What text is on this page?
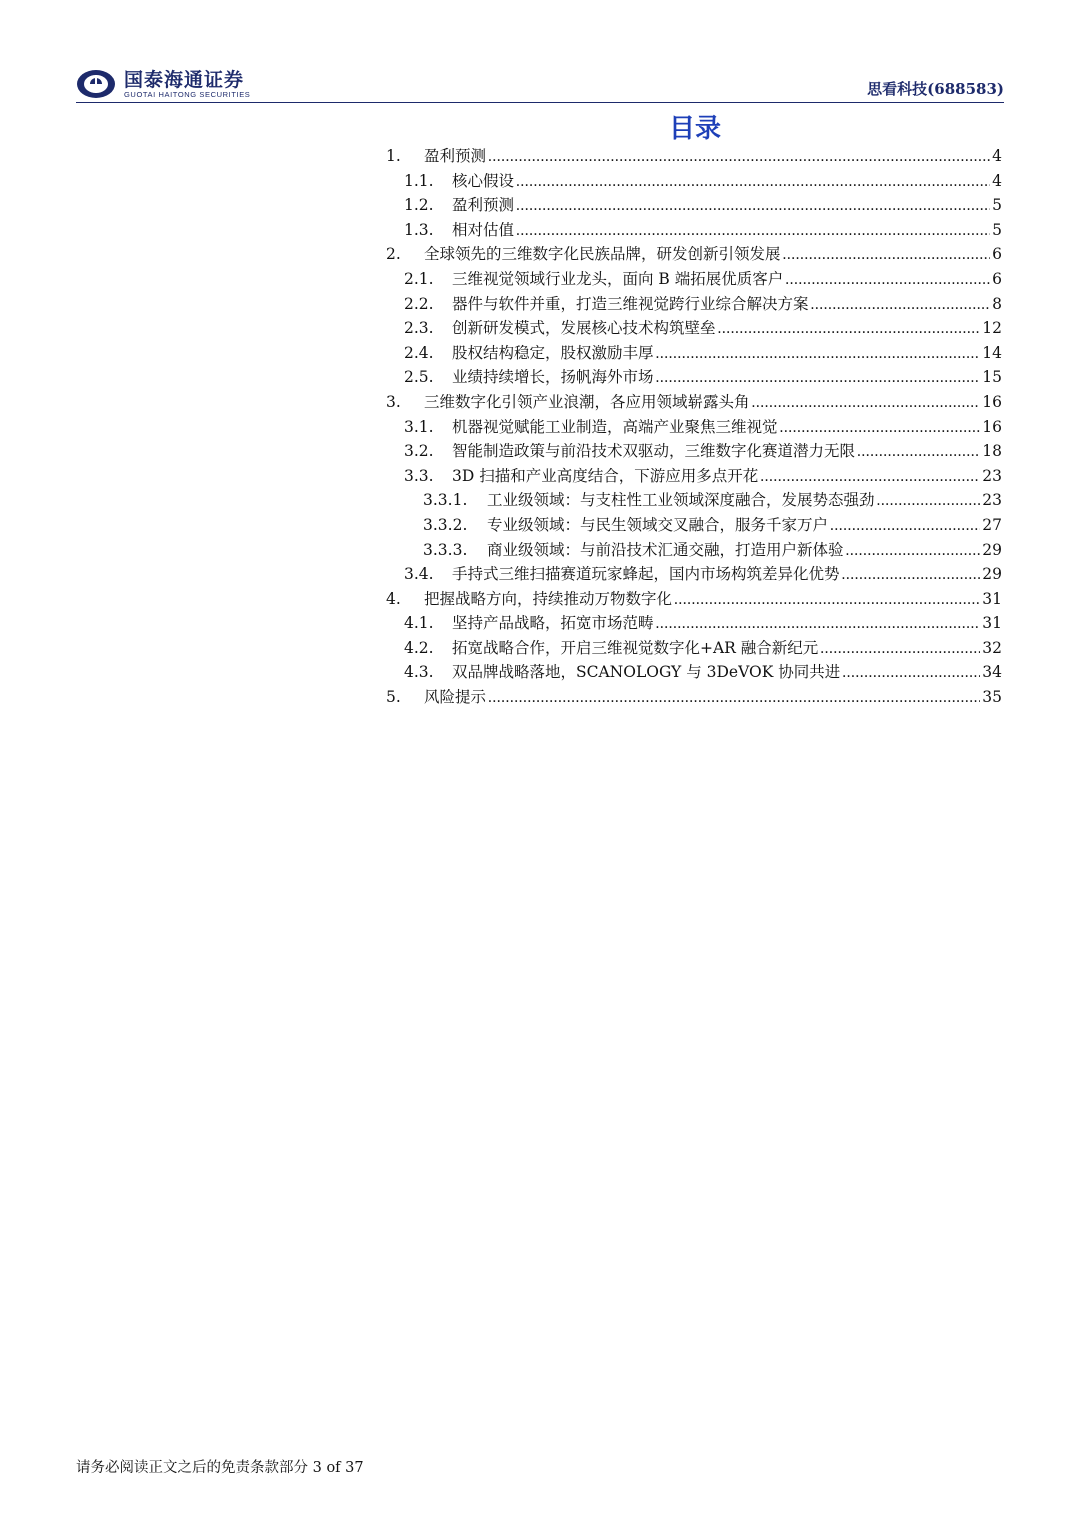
国泰海通证券
GUOTAI HAITONG SECURITIES	思看科技(688583)
目录
1.	盈利预测 .....	4
1.1.	核心假设 .....	4
1.2.	盈利预测 .....	5
1.3.	相对估值 .....	5
2.	全球领先的三维数字化民族品牌，研发创新引领发展 .....	6
2.1.	三维视觉领域行业龙头，面向 B 端拓展优质客户 .....	6
2.2.	器件与软件并重，打造三维视觉跨行业综合解决方案 .....	8
2.3.	创新研发模式，发展核心技术构筑壁垒 .....	12
2.4.	股权结构稳定，股权激励丰厚 .....	14
2.5.	业绩持续增长，扬帆海外市场 .....	15
3.	三维数字化引领产业浪潮，各应用领域崭露头角 .....	16
3.1.	机器视觉赋能工业制造，高端产业聚焦三维视觉 .....	16
3.2.	智能制造政策与前沿技术双驱动，三维数字化赛道潜力无限 .....	18
3.3.	3D 扫描和产业高度结合，下游应用多点开花 .....	23
3.3.1.	工业级领域：与支柱性工业领域深度融合，发展势态强劲 .....	23
3.3.2.	专业级领域：与民生领域交叉融合，服务千家万户 .....	27
3.3.3.	商业级领域：与前沿技术汇通交融，打造用户新体验 .....	29
3.4.	手持式三维扫描赛道玩家蜂起，国内市场构筑差异化优势 .....	29
4.	把握战略方向，持续推动万物数字化 .....	31
4.1.	坚持产品战略，拓宽市场范畴 .....	31
4.2.	拓宽战略合作，开启三维视觉数字化+AR 融合新纪元 .....	32
4.3.	双品牌战略落地，SCANOLOGY 与 3DeVOK 协同共进 .....	34
5.	风险提示 .....	35
请务必阅读正文之后的免责条款部分 3 of 37
